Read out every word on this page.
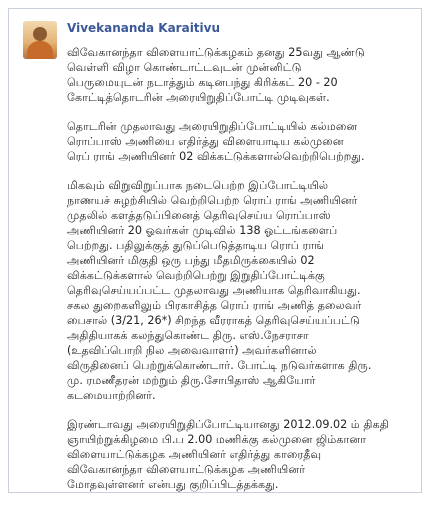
Vivekananda Karaitivu

விவேகானந்தா விளையாட்டுக்கழகம் தனது 25வது ஆண்டு
வெள்ளி விழா கொண்டாட்டவுடன் முன்னிட்டு
பெருமையுடன் நடாத்தும் கடினபந்து கிரிக்கட் 20 - 20
கோட்டித்தொடரின் அரையிறுதிப்போட்டி முடிவுகள்.

தொடரின் முதலாவது அரையிறுதிப்போட்டியில் கல்மனை
ரொப்பாஸ் அணியை எதிர்த்து விளையாடிய கல்முனை
ரெப் ராங் அணியினர் 02 விக்கட்டுக்களால்வெற்றிபெற்றது.

மிகவும் விறுவிறுப்பாக நடைபெற்ற இப்போட்டியில்
நாணயச் சுழற்சியில் வெற்றிபெற்ற ரொப் ராங் அணியினர்
முதலில் களத்தடுப்பினைத் தெரிவுசெய்ய ரொப்பாஸ்
அணியினர் 20 ஓவர்கள் முடிவில் 138 ஓட்டங்களைப்
பெற்றது. பதிலுக்குத் துடுப்பெடுத்தாடிய ரொப் ராங்
அணியினர் மிகுதி ஒரு பந்து மீதமிருக்கையில் 02
விக்கட்டுக்களால் வெற்றிபெற்று இறுதிப்போட்டிக்கு
தெரிவுசெய்யப்பட்ட முதலாவது அணியாக தெரிவாகியது.
சகல துறைகளிலும் பிரகாசித்த ரொப் ராங் அணித் தலைவர்
பைசால் (3/21, 26*) சிறந்த வீரராகத் தெரிவுசெய்யப்பட்டு
அதிதியாகக் கலந்துகொண்ட திரு. எஸ்.நேசராசா
(உதவிப்பொறி நில அவைவாளர்) அவர்களினால்
விருதினைப் பெற்றுக்கொண்டார். போட்டி நடுவர்களாக திரு.
மு. ரமணீதரன் மற்றும் திரு.சோபிதாஸ் ஆகியோர்
கடமையாற்றினர்.

இரண்டாவது அரையிறுதிப்போட்டியானது 2012.09.02 ம் திகதி
ஞாயிற்றுக்கிழமை பி.ப 2.00 மணிக்கு கல்முனை ஜிம்கானா
விளையாட்டுக்கழக அணியினர் எதிர்த்து காரைதீவு
விவேகானந்தா விளையாட்டுக்கழக அணியினர்
மோதவுள்ளனர் என்பது குறிப்பிடத்தக்கது.
